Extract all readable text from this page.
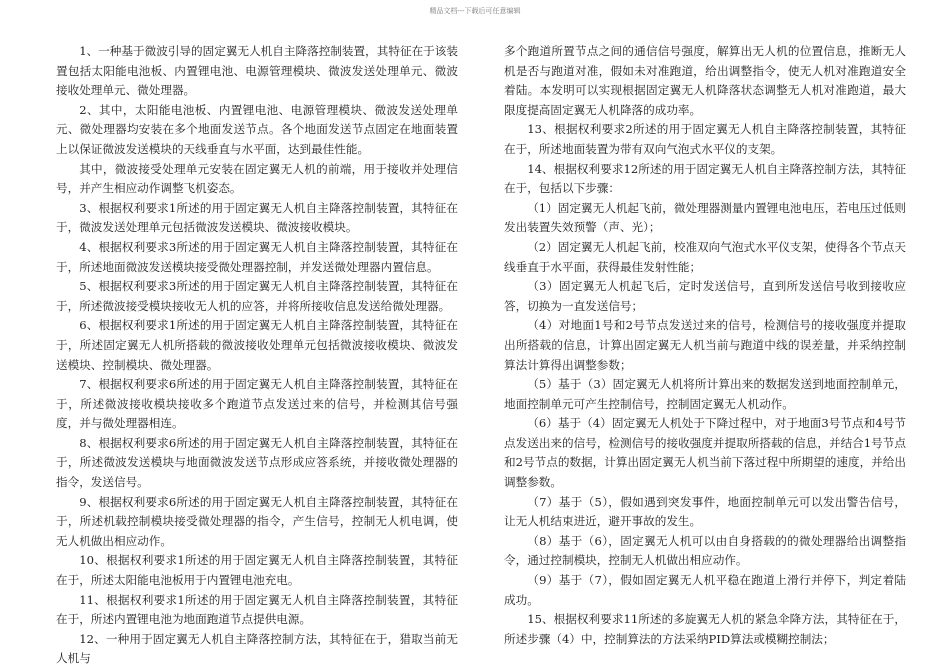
精品文档---下载后可任意编辑

1、一种基于微波引导的固定翼无人机自主降落控制装置，其特征在于该装置包括太阳能电池板、内置锂电池、电源管理模块、微波发送处理单元、微波接收处理单元、微处理器。

2、其中，太阳能电池板、内置锂电池、电源管理模块、微波发送处理单元、微处理器均安装在多个地面发送节点。各个地面发送节点固定在地面装置上以保证微波发送模块的天线垂直与水平面，达到最佳性能。

其中，微波接受处理单元安装在固定翼无人机的前端，用于接收并处理信号，并产生相应动作调整飞机姿态。

3、根据权利要求1所述的用于固定翼无人机自主降落控制装置，其特征在于，微波发送处理单元包括微波发送模块、微波接收模块。

4、根据权利要求3所述的用于固定翼无人机自主降落控制装置，其特征在于，所述地面微波发送模块接受微处理器控制，并发送微处理器内置信息。

5、根据权利要求3所述的用于固定翼无人机自主降落控制装置，其特征在于，所述微波接受模块接收无人机的应答，并将所接收信息发送给微处理器。

6、根据权利要求1所述的用于固定翼无人机自主降落控制装置，其特征在于，所述固定翼无人机所搭载的微波接收处理单元包括微波接收模块、微波发送模块、控制模块、微处理器。

7、根据权利要求6所述的用于固定翼无人机自主降落控制装置，其特征在于，所述微波接收模块接收多个跑道节点发送过来的信号，并检测其信号强度，并与微处理器相连。

8、根据权利要求6所述的用于固定翼无人机自主降落控制装置，其特征在于，所述微波发送模块与地面微波发送节点形成应答系统，并接收微处理器的指令，发送信号。

9、根据权利要求6所述的用于固定翼无人机自主降落控制装置，其特征在于，所述机载控制模块接受微处理器的指令，产生信号，控制无人机电调，使无人机做出相应动作。

10、根据权利要求1所述的用于固定翼无人机自主降落控制装置，其特征在于，所述太阳能电池板用于内置锂电池充电。

11、根据权利要求1所述的用于固定翼无人机自主降落控制装置，其特征在于，所述内置锂电池为地面跑道节点提供电源。

12、一种用于固定翼无人机自主降落控制方法，其特征在于，猎取当前无人机与

多个跑道所置节点之间的通信信号强度，解算出无人机的位置信息，推断无人机是否与跑道对准，假如未对准跑道，给出调整指令，使无人机对准跑道安全着陆。本发明可以实现根据固定翼无人机降落状态调整无人机对准跑道，最大限度提高固定翼无人机降落的成功率。

13、根据权利要求2所述的用于固定翼无人机自主降落控制装置，其特征在于，所述地面装置为带有双向气泡式水平仪的支架。

14、根据权利要求12所述的用于固定翼无人机自主降落控制方法，其特征在于，包括以下步骤：

（1）固定翼无人机起飞前，微处理器测量内置锂电池电压，若电压过低则发出装置失效预警（声、光）；

（2）固定翼无人机起飞前，校准双向气泡式水平仪支架，使得各个节点天线垂直于水平面，获得最佳发射性能；

（3）固定翼无人机起飞后，定时发送信号，直到所发送信号收到接收应答，切换为一直发送信号；

（4）对地面1号和2号节点发送过来的信号，检测信号的接收强度并提取出所搭载的信息，计算出固定翼无人机当前与跑道中线的误差量，并采纳控制算法计算得出调整参数；

（5）基于（3）固定翼无人机将所计算出来的数据发送到地面控制单元，地面控制单元可产生控制信号，控制固定翼无人机动作。

（6）基于（4）固定翼无人机处于下降过程中，对于地面3号节点和4号节点发送出来的信号，检测信号的接收强度并提取所搭载的信息，并结合1号节点和2号节点的数据，计算出固定翼无人机当前下落过程中所期望的速度，并给出调整参数。

（7）基于（5），假如遇到突发事件，地面控制单元可以发出警告信号，让无人机结束进近，避开事故的发生。

（8）基于（6），固定翼无人机可以由自身搭载的的微处理器给出调整指令，通过控制模块，控制无人机做出相应动作。

（9）基于（7），假如固定翼无人机平稳在跑道上滑行并停下，判定着陆成功。

15、根据权利要求11所述的多旋翼无人机的紧急伞降方法，其特征在于，所述步骤（4）中，控制算法的方法采纳PID算法或模糊控制法；
